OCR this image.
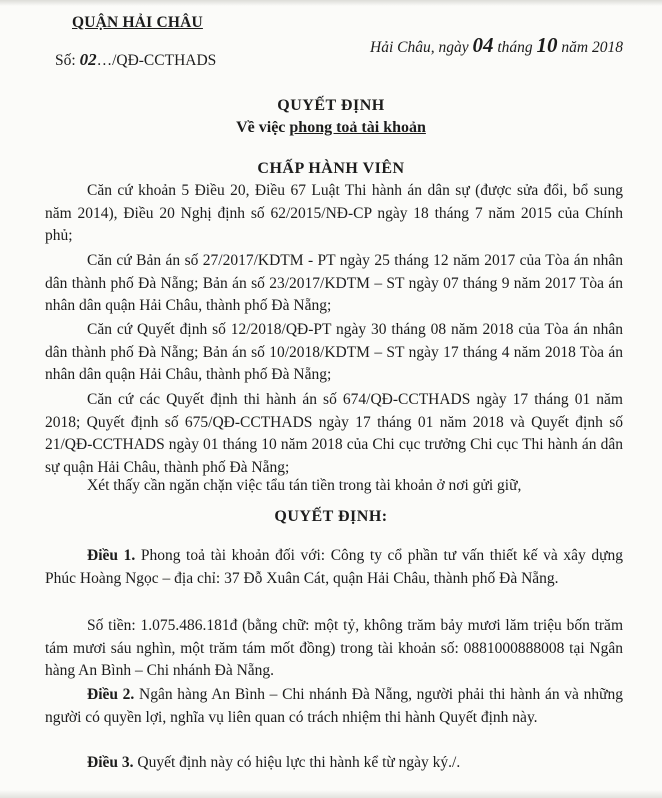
QUẬN HẢI CHÂU
Số: 02…/QĐ-CCTHADS
Hải Châu, ngày 04 tháng 10 năm 2018
QUYẾT ĐỊNH
Về việc phong toả tài khoản
CHẤP HÀNH VIÊN
Căn cứ khoản 5 Điều 20, Điều 67 Luật Thi hành án dân sự (được sửa đổi, bổ sung năm 2014), Điều 20 Nghị định số 62/2015/NĐ-CP ngày 18 tháng 7 năm 2015 của Chính phủ;
Căn cứ Bản án số 27/2017/KDTM - PT ngày 25 tháng 12 năm 2017 của Tòa án nhân dân thành phố Đà Nẵng; Bản án số 23/2017/KDTM – ST ngày 07 tháng 9 năm 2017 Tòa án nhân dân quận Hải Châu, thành phố Đà Nẵng;
Căn cứ Quyết định số 12/2018/QĐ-PT ngày 30 tháng 08 năm 2018 của Tòa án nhân dân thành phố Đà Nẵng; Bản án số 10/2018/KDTM – ST ngày 17 tháng 4 năm 2018 Tòa án nhân dân quận Hải Châu, thành phố Đà Nẵng;
Căn cứ các Quyết định thi hành án số 674/QĐ-CCTHADS ngày 17 tháng 01 năm 2018; Quyết định số 675/QĐ-CCTHADS ngày 17 tháng 01 năm 2018 và Quyết định số 21/QĐ-CCTHADS ngày 01 tháng 10 năm 2018 của Chi cục trưởng Chi cục Thi hành án dân sự quận Hải Châu, thành phố Đà Nẵng;
Xét thấy cần ngăn chặn việc tẩu tán tiền trong tài khoản ở nơi gửi giữ,
QUYẾT ĐỊNH:
Điều 1. Phong toả tài khoản đối với: Công ty cổ phần tư vấn thiết kế và xây dựng Phúc Hoàng Ngọc – địa chỉ: 37 Đỗ Xuân Cát, quận Hải Châu, thành phố Đà Nẵng.
Số tiền: 1.075.486.181đ (bằng chữ: một tỷ, không trăm bảy mươi lăm triệu bốn trăm tám mươi sáu nghìn, một trăm tám mốt đồng) trong tài khoản số: 0881000888008 tại Ngân hàng An Bình – Chi nhánh Đà Nẵng.
Điều 2. Ngân hàng An Bình – Chi nhánh Đà Nẵng, người phải thi hành án và những người có quyền lợi, nghĩa vụ liên quan có trách nhiệm thi hành Quyết định này.
Điều 3. Quyết định này có hiệu lực thi hành kể từ ngày ký./.
